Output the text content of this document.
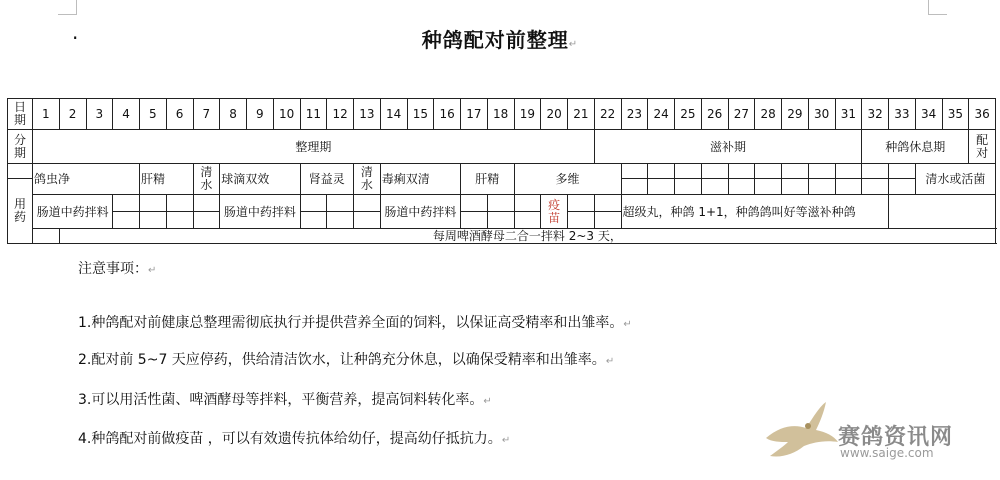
·	种鸽配对前整理↵
日期	1	2	3	4	5	6	7	8	9	10	11	12	13	14	15	16	17	18	19	20	21	22	23	24	25	26	27	28	29	30	31	32	33	34	35	36	
分期	整理期																					滋补期										种鸽休息期				配对	
	鸽虫净				肝精		清水	球滴双效			肾益灵		清水	毒痢双清			肝精		多维															清水或活菌			
用药																																					
	肠道中药拌料							肠道中药拌料						肠道中药拌料						疫苗			超级丸，种鸽 1+1，种鸽鸽叫好等滋补种鸽														

		每周啤酒酵母二合一拌料 2~3 天，																																			
注意事项：↵
1.种鸽配对前健康总整理需彻底执行并提供营养全面的饲料，以保证高受精率和出雏率。↵
2.配对前 5~7 天应停药，供给清洁饮水，让种鸽充分休息，以确保受精率和出雏率。↵
3.可以用活性菌、啤酒酵母等拌料，平衡营养，提高饲料转化率。↵
4.种鸽配对前做疫苗 ，可以有效遗传抗体给幼仔，提高幼仔抵抗力。↵	赛鸽资讯网
www.saige.com
